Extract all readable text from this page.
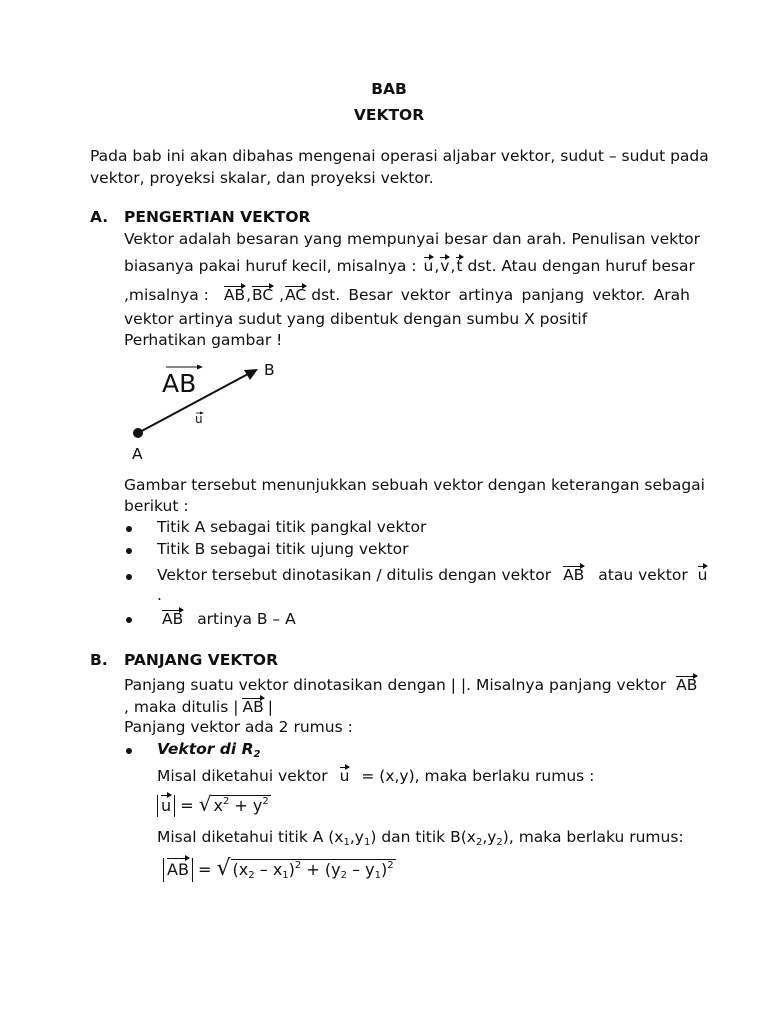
BAB
VEKTOR
Pada bab ini akan dibahas mengenai operasi aljabar vektor, sudut – sudut pada
vektor, proyeksi skalar, dan proyeksi vektor.
A. PENGERTIAN VEKTOR
Vektor adalah besaran yang mempunyai besar dan arah. Penulisan vektor
biasanya pakai huruf kecil, misalnya : u,v,t dst. Atau dengan huruf besar
,misalnya : AB,BC ,AC dst. Besar vektor artinya panjang vektor. Arah
vektor artinya sudut yang dibentuk dengan sumbu X positif
Perhatikan gambar !
AB
u
B
A
Gambar tersebut menunjukkan sebuah vektor dengan keterangan sebagai
berikut :
Titik A sebagai titik pangkal vektor
Titik B sebagai titik ujung vektor
Vektor tersebut dinotasikan / ditulis dengan vektor AB atau vektor u
.
AB artinya B – A
B. PANJANG VEKTOR
Panjang suatu vektor dinotasikan dengan | |. Misalnya panjang vektor AB
, maka ditulis | AB |
Panjang vektor ada 2 rumus :
Vektor di $R_2$
Misal diketahui vektor u = (x,y), maka berlaku rumus :
u = √ $x^2 + y^2$
Misal diketahui titik A $(x_1,y_1)$ dan titik $B(x_2,y_2)$, maka berlaku rumus:
AB = √ $(x_2 - x_1)^2 + (y_2 - y_1)^2$
